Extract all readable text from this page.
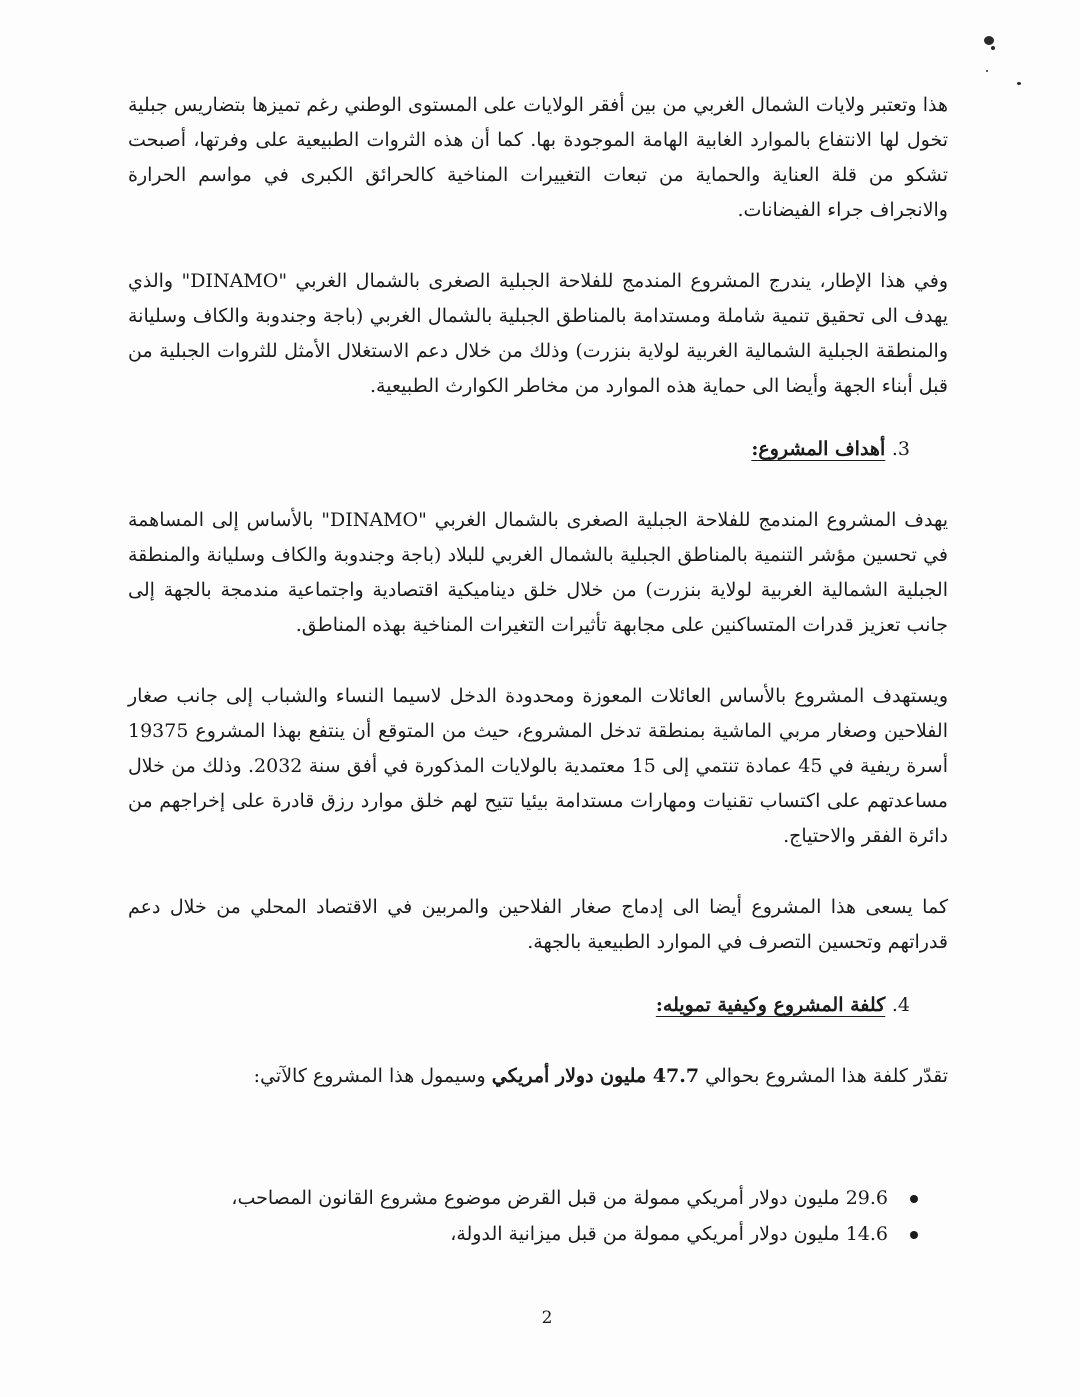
هذا وتعتبر ولايات الشمال الغربي من بين أفقر الولايات على المستوى الوطني رغم تميزها بتضاريس جبلية تخول لها الانتفاع بالموارد الغابية الهامة الموجودة بها. كما أن هذه الثروات الطبيعية على وفرتها، أصبحت تشكو من قلة العناية والحماية من تبعات التغييرات المناخية كالحرائق الكبرى في مواسم الحرارة والانجراف جراء الفيضانات.

وفي هذا الإطار، يندرج المشروع المندمج للفلاحة الجبلية الصغرى بالشمال الغربي "DINAMO" والذي يهدف الى تحقيق تنمية شاملة ومستدامة بالمناطق الجبلية بالشمال الغربي (باجة وجندوبة والكاف وسليانة والمنطقة الجبلية الشمالية الغربية لولاية بنزرت) وذلك من خلال دعم الاستغلال الأمثل للثروات الجبلية من قبل أبناء الجهة وأيضا الى حماية هذه الموارد من مخاطر الكوارث الطبيعية.

3. أهداف المشروع:

يهدف المشروع المندمج للفلاحة الجبلية الصغرى بالشمال الغربي "DINAMO" بالأساس إلى المساهمة في تحسين مؤشر التنمية بالمناطق الجبلية بالشمال الغربي للبلاد (باجة وجندوبة والكاف وسليانة والمنطقة الجبلية الشمالية الغربية لولاية بنزرت) من خلال خلق ديناميكية اقتصادية واجتماعية مندمجة بالجهة إلى جانب تعزيز قدرات المتساكنين على مجابهة تأثيرات التغيرات المناخية بهذه المناطق.

ويستهدف المشروع بالأساس العائلات المعوزة ومحدودة الدخل لاسيما النساء والشباب إلى جانب صغار الفلاحين وصغار مربي الماشية بمنطقة تدخل المشروع، حيث من المتوقع أن ينتفع بهذا المشروع 19375 أسرة ريفية في 45 عمادة تنتمي إلى 15 معتمدية بالولايات المذكورة في أفق سنة 2032. وذلك من خلال مساعدتهم على اكتساب تقنيات ومهارات مستدامة بيئيا تتيح لهم خلق موارد رزق قادرة على إخراجهم من دائرة الفقر والاحتياج.

كما يسعى هذا المشروع أيضا الى إدماج صغار الفلاحين والمربين في الاقتصاد المحلي من خلال دعم قدراتهم وتحسين التصرف في الموارد الطبيعية بالجهة.

4. كلفة المشروع وكيفية تمويله:

تقدّر كلفة هذا المشروع بحوالي 47.7 مليون دولار أمريكي وسيمول هذا المشروع كالآتي:

29.6 مليون دولار أمريكي ممولة من قبل القرض موضوع مشروع القانون المصاحب،
14.6 مليون دولار أمريكي ممولة من قبل ميزانية الدولة،
2
